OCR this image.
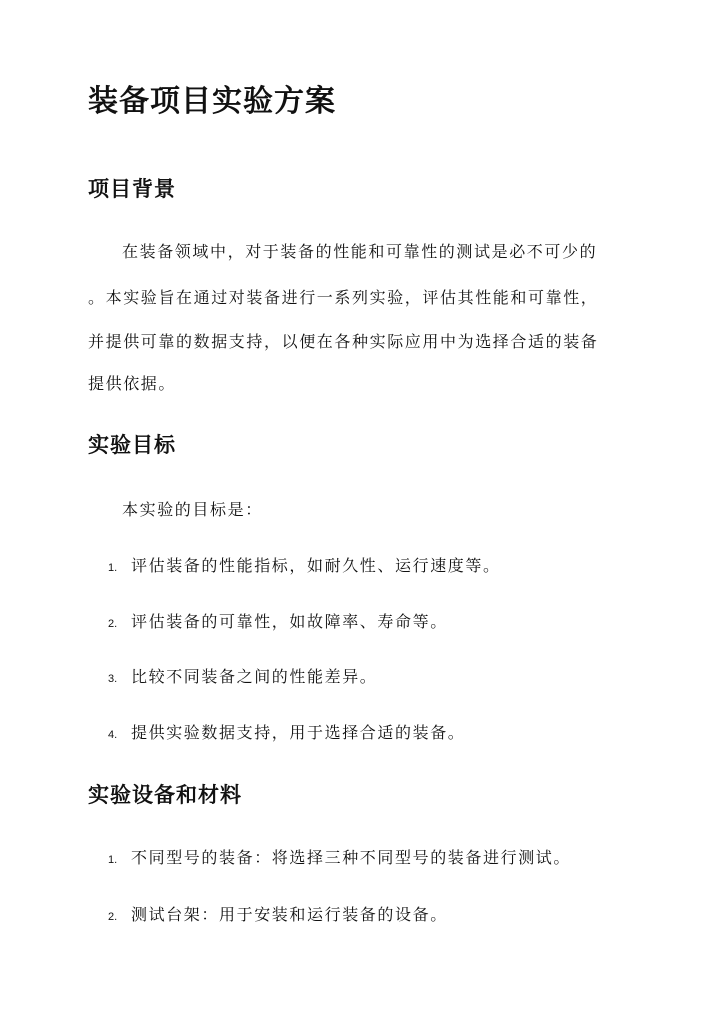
装备项目实验方案
项目背景

在装备领域中，对于装备的性能和可靠性的测试是必不可少的

。本实验旨在通过对装备进行一系列实验，评估其性能和可靠性，

并提供可靠的数据支持，以便在各种实际应用中为选择合适的装备

提供依据。

实验目标

本实验的目标是：

1. 评估装备的性能指标，如耐久性、运行速度等。
2. 评估装备的可靠性，如故障率、寿命等。
3. 比较不同装备之间的性能差异。
4. 提供实验数据支持，用于选择合适的装备。
实验设备和材料
1. 不同型号的装备：将选择三种不同型号的装备进行测试。
2. 测试台架：用于安装和运行装备的设备。
